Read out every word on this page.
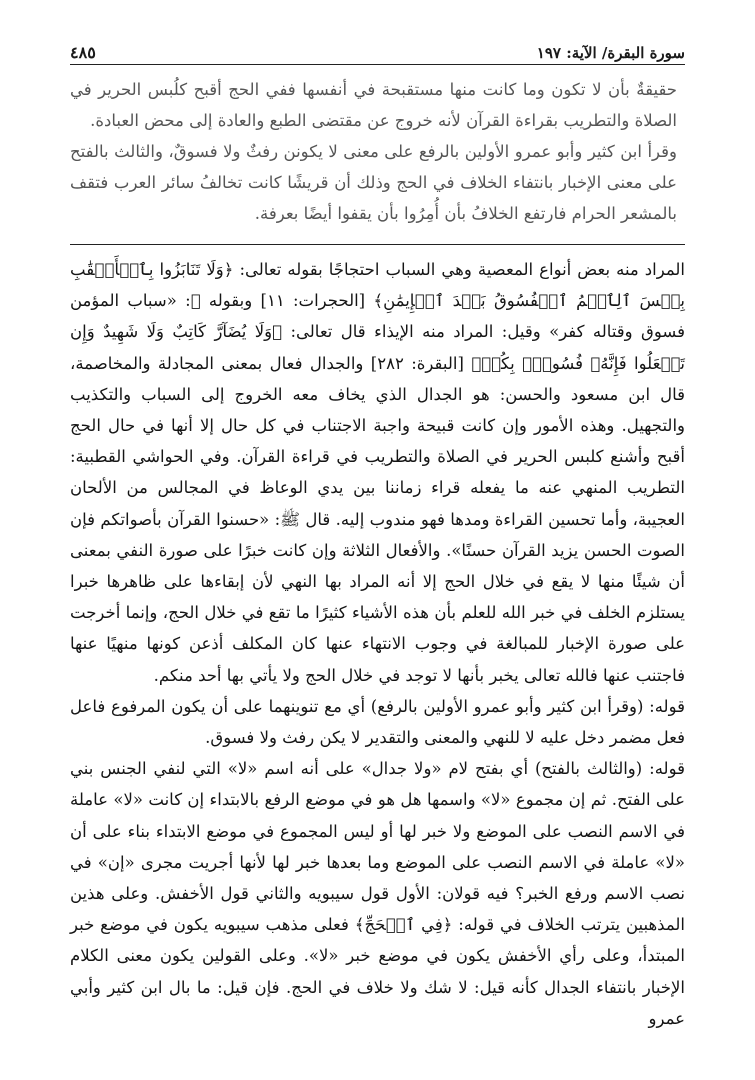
سورة البقرة/ الآية: ١٩٧
٤٨٥

حقيقةٌ بأن لا تكون وما كانت منها مستقبحة في أنفسها ففي الحج أقبح كلُبس الحرير في الصلاة والتطريب بقراءة القرآن لأنه خروج عن مقتضى الطبع والعادة إلى محض العبادة.

وقرأ ابن كثير وأبو عمرو الأولين بالرفع على معنى لا يكونن رفثٌ ولا فسوقٌ، والثالث بالفتح على معنى الإخبار بانتفاء الخلاف في الحج وذلك أن قريشًا كانت تخالفُ سائر العرب فتقف بالمشعر الحرام فارتفع الخلافُ بأن أُمِرُوا بأن يقفوا أيضًا بعرفة.

المراد منه بعض أنواع المعصية وهي السباب احتجاجًا بقوله تعالى: ﴿وَلَا تَنَابَزُوا بِٱلۡأَلۡقَٰبِ بِئۡسَ ٱلِٱسۡمُ ٱلۡفُسُوقُ بَعۡدَ ٱلۡإِيمَٰنِ﴾ [الحجرات: ١١] وبقوله ﷺ: «سباب المؤمن فسوق وقتاله كفر» وقيل: المراد منه الإيذاء قال تعالى: ﴿وَلَا يُضَآرَّ كَاتِبٌ وَلَا شَهِيدٌ وَإِن تَفۡعَلُوا فَإِنَّهُۥ فُسُوقُۢ بِكُمۡ﴾ [البقرة: ٢٨٢] والجدال فعال بمعنى المجادلة والمخاصمة، قال ابن مسعود والحسن: هو الجدال الذي يخاف معه الخروج إلى السباب والتكذيب والتجهيل. وهذه الأمور وإن كانت قبيحة واجبة الاجتناب في كل حال إلا أنها في حال الحج أقبح وأشنع كلبس الحرير في الصلاة والتطريب في قراءة القرآن. وفي الحواشي القطبية: التطريب المنهي عنه ما يفعله قراء زماننا بين يدي الوعاظ في المجالس من الألحان العجيبة، وأما تحسين القراءة ومدها فهو مندوب إليه. قال ﷺ: «حسنوا القرآن بأصواتكم فإن الصوت الحسن يزيد القرآن حسنًا». والأفعال الثلاثة وإن كانت خبرًا على صورة النفي بمعنى أن شيئًا منها لا يقع في خلال الحج إلا أنه المراد بها النهي لأن إبقاءها على ظاهرها خبرا يستلزم الخلف في خبر الله للعلم بأن هذه الأشياء كثيرًا ما تقع في خلال الحج، وإنما أخرجت على صورة الإخبار للمبالغة في وجوب الانتهاء عنها كان المكلف أذعن كونها منهيًا عنها فاجتنب عنها فالله تعالى يخبر بأنها لا توجد في خلال الحج ولا يأتي بها أحد منكم.

قوله: (وقرأ ابن كثير وأبو عمرو الأولين بالرفع) أي مع تنوينهما على أن يكون المرفوع فاعل فعل مضمر دخل عليه لا للنهي والمعنى والتقدير لا يكن رفث ولا فسوق.

قوله: (والثالث بالفتح) أي بفتح لام «ولا جدال» على أنه اسم «لا» التي لنفي الجنس بني على الفتح. ثم إن مجموع «لا» واسمها هل هو في موضع الرفع بالابتداء إن كانت «لا» عاملة في الاسم النصب على الموضع ولا خبر لها أو ليس المجموع في موضع الابتداء بناء على أن «لا» عاملة في الاسم النصب على الموضع وما بعدها خبر لها لأنها أجريت مجرى «إن» في نصب الاسم ورفع الخبر؟ فيه قولان: الأول قول سيبويه والثاني قول الأخفش. وعلى هذين المذهبين يترتب الخلاف في قوله: ﴿فِي ٱلۡحَجِّ﴾ فعلى مذهب سيبويه يكون في موضع خبر المبتدأ، وعلى رأي الأخفش يكون في موضع خبر «لا». وعلى القولين يكون معنى الكلام الإخبار بانتفاء الجدال كأنه قيل: لا شك ولا خلاف في الحج. فإن قيل: ما بال ابن كثير وأبي عمرو
